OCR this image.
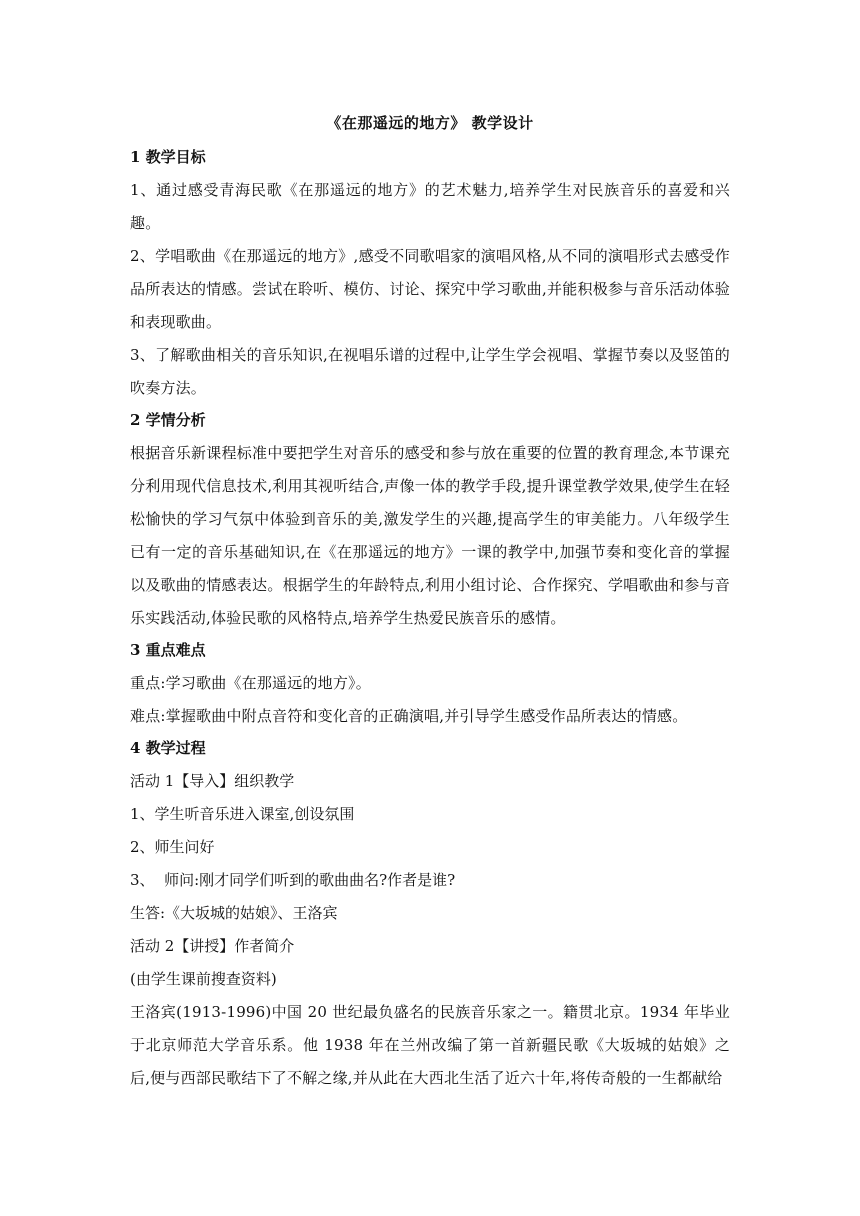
《在那遥远的地方》 教学设计
1 教学目标

1、通过感受青海民歌《在那遥远的地方》的艺术魅力,培养学生对民族音乐的喜爱和兴趣。

2、学唱歌曲《在那遥远的地方》,感受不同歌唱家的演唱风格,从不同的演唱形式去感受作品所表达的情感。尝试在聆听、模仿、讨论、探究中学习歌曲,并能积极参与音乐活动体验和表现歌曲。

3、了解歌曲相关的音乐知识,在视唱乐谱的过程中,让学生学会视唱、掌握节奏以及竖笛的吹奏方法。

2 学情分析

根据音乐新课程标准中要把学生对音乐的感受和参与放在重要的位置的教育理念,本节课充分利用现代信息技术,利用其视听结合,声像一体的教学手段,提升课堂教学效果,使学生在轻松愉快的学习气氛中体验到音乐的美,激发学生的兴趣,提高学生的审美能力。八年级学生已有一定的音乐基础知识,在《在那遥远的地方》一课的教学中,加强节奏和变化音的掌握以及歌曲的情感表达。根据学生的年龄特点,利用小组讨论、合作探究、学唱歌曲和参与音乐实践活动,体验民歌的风格特点,培养学生热爱民族音乐的感情。

3 重点难点

重点:学习歌曲《在那遥远的地方》。

难点:掌握歌曲中附点音符和变化音的正确演唱,并引导学生感受作品所表达的情感。

4 教学过程

活动 1【导入】组织教学

1、学生听音乐进入课室,创设氛围

2、师生问好

3、  师问:刚才同学们听到的歌曲曲名?作者是谁?

生答:《大坂城的姑娘》、王洛宾

活动 2【讲授】作者简介

(由学生课前搜查资料)

王洛宾(1913-1996)中国 20 世纪最负盛名的民族音乐家之一。籍贯北京。1934 年毕业于北京师范大学音乐系。他 1938 年在兰州改编了第一首新疆民歌《大坂城的姑娘》之后,便与西部民歌结下了不解之缘,并从此在大西北生活了近六十年,将传奇般的一生都献给
